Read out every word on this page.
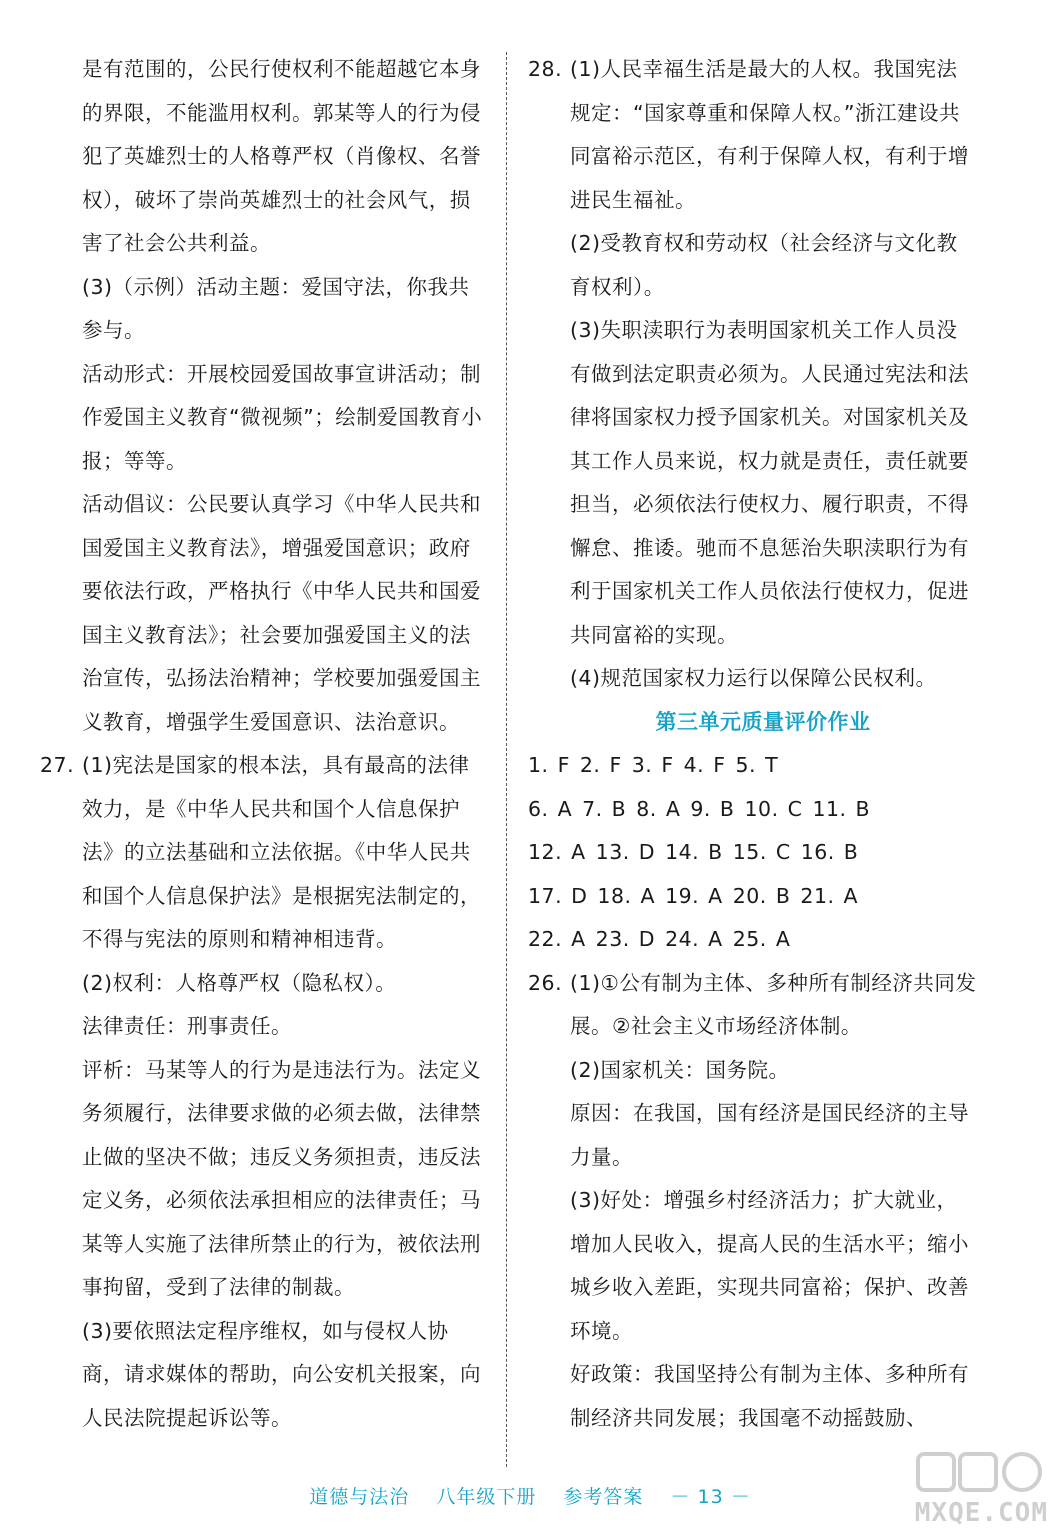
是有范围的，公民行使权利不能超越它本身的界限，不能滥用权利。郭某等人的行为侵犯了英雄烈士的人格尊严权（肖像权、名誉权），破坏了崇尚英雄烈士的社会风气，损害了社会公共利益。

(3)（示例）活动主题：爱国守法，你我共参与。

活动形式：开展校园爱国故事宣讲活动；制作爱国主义教育“微视频”；绘制爱国教育小报；等等。

活动倡议：公民要认真学习《中华人民共和国爱国主义教育法》，增强爱国意识；政府要依法行政，严格执行《中华人民共和国爱国主义教育法》；社会要加强爱国主义的法治宣传，弘扬法治精神；学校要加强爱国主义教育，增强学生爱国意识、法治意识。

27. (1)宪法是国家的根本法，具有最高的法律效力，是《中华人民共和国个人信息保护法》的立法基础和立法依据。《中华人民共和国个人信息保护法》是根据宪法制定的，不得与宪法的原则和精神相违背。

(2)权利：人格尊严权（隐私权）。

法律责任：刑事责任。

评析：马某等人的行为是违法行为。法定义务须履行，法律要求做的必须去做，法律禁止做的坚决不做；违反义务须担责，违反法定义务，必须依法承担相应的法律责任；马某等人实施了法律所禁止的行为，被依法刑事拘留，受到了法律的制裁。

(3)要依照法定程序维权，如与侵权人协商，请求媒体的帮助，向公安机关报案，向人民法院提起诉讼等。

28. (1)人民幸福生活是最大的人权。我国宪法规定：“国家尊重和保障人权。”浙江建设共同富裕示范区，有利于保障人权，有利于增进民生福祉。

(2)受教育权和劳动权（社会经济与文化教育权利）。

(3)失职渎职行为表明国家机关工作人员没有做到法定职责必须为。人民通过宪法和法律将国家权力授予国家机关。对国家机关及其工作人员来说，权力就是责任，责任就要担当，必须依法行使权力、履行职责，不得懈怠、推诿。驰而不息惩治失职渎职行为有利于国家机关工作人员依法行使权力，促进共同富裕的实现。

(4)规范国家权力运行以保障公民权利。

第三单元质量评价作业

1. F 2. F 3. F 4. F 5. T

6. A 7. B 8. A 9. B 10. C 11. B

12. A 13. D 14. B 15. C 16. B

17. D 18. A 19. A 20. B 21. A

22. A 23. D 24. A 25. A

26. (1)①公有制为主体、多种所有制经济共同发展。②社会主义市场经济体制。

(2)国家机关：国务院。

原因：在我国，国有经济是国民经济的主导力量。

(3)好处：增强乡村经济活力；扩大就业，增加人民收入，提高人民的生活水平；缩小城乡收入差距，实现共同富裕；保护、改善环境。

好政策：我国坚持公有制为主体、多种所有制经济共同发展；我国毫不动摇鼓励、

道德与法治 八年级下册 参考答案 － 13 －
MXQE.COM
